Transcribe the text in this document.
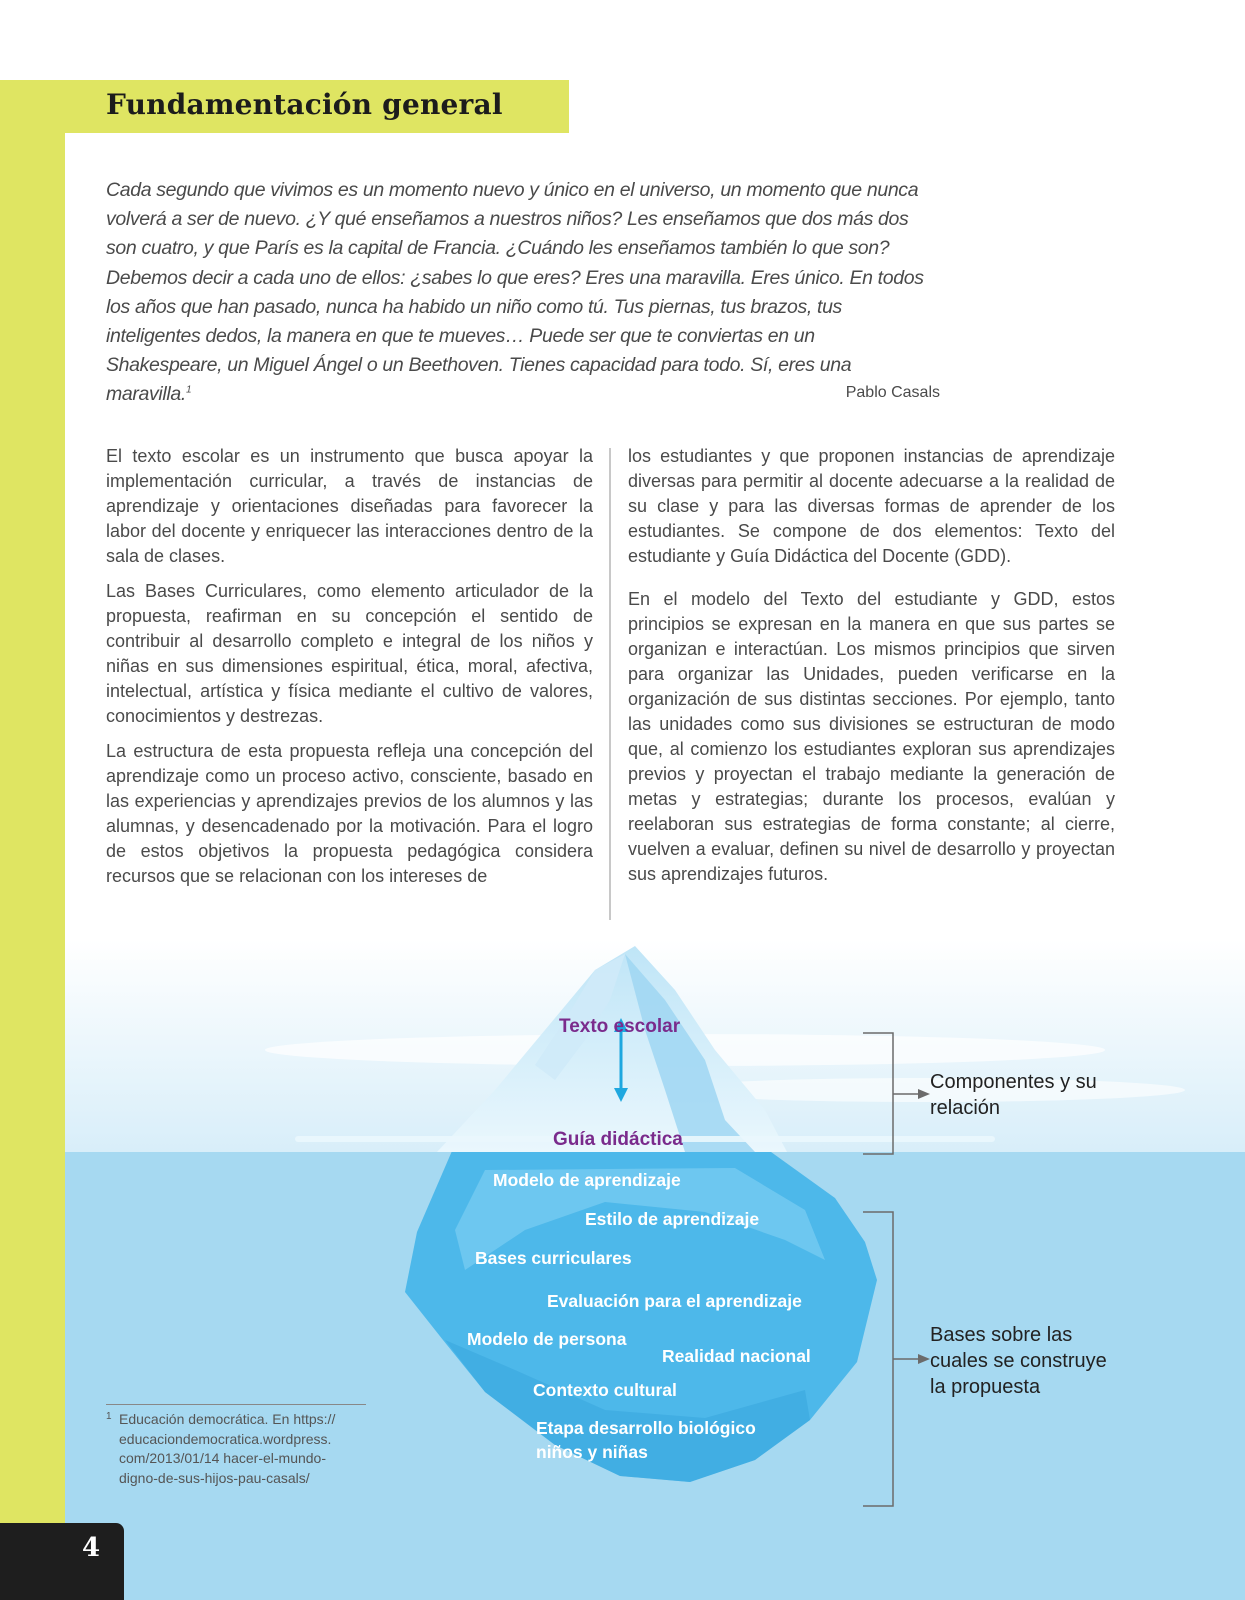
Fundamentación general

Cada segundo que vivimos es un momento nuevo y único en el universo, un momento que nunca volverá a ser de nuevo. ¿Y qué enseñamos a nuestros niños? Les enseñamos que dos más dos son cuatro, y que París es la capital de Francia. ¿Cuándo les enseñamos también lo que son? Debemos decir a cada uno de ellos: ¿sabes lo que eres? Eres una maravilla. Eres único. En todos los años que han pasado, nunca ha habido un niño como tú. Tus piernas, tus brazos, tus inteligentes dedos, la manera en que te mueves… Puede ser que te conviertas en un Shakespeare, un Miguel Ángel o un Beethoven. Tienes capacidad para todo. Sí, eres una maravilla.$^1$	Pablo Casals

El texto escolar es un instrumento que busca apoyar la implementación curricular, a través de instancias de aprendizaje y orientaciones diseñadas para favorecer la labor del docente y enriquecer las interacciones dentro de la sala de clases.

Las Bases Curriculares, como elemento articulador de la propuesta, reafirman en su concepción el sentido de contribuir al desarrollo completo e integral de los niños y niñas en sus dimensiones espiritual, ética, moral, afectiva, intelectual, artística y física mediante el cultivo de valores, conocimientos y destrezas.

La estructura de esta propuesta refleja una concepción del aprendizaje como un proceso activo, consciente, basado en las experiencias y aprendizajes previos de los alumnos y las alumnas, y desencadenado por la motivación. Para el logro de estos objetivos la propuesta pedagógica considera recursos que se relacionan con los intereses de

los estudiantes y que proponen instancias de aprendizaje diversas para permitir al docente adecuarse a la realidad de su clase y para las diversas formas de aprender de los estudiantes. Se compone de dos elementos: Texto del estudiante y Guía Didáctica del Docente (GDD).

En el modelo del Texto del estudiante y GDD, estos principios se expresan en la manera en que sus partes se organizan e interactúan. Los mismos principios que sirven para organizar las Unidades, pueden verificarse en la organización de sus distintas secciones. Por ejemplo, tanto las unidades como sus divisiones se estructuran de modo que, al comienzo los estudiantes exploran sus aprendizajes previos y proyectan el trabajo mediante la generación de metas y estrategias; durante los procesos, evalúan y reelaboran sus estrategias de forma constante; al cierre, vuelven a evaluar, definen su nivel de desarrollo y proyectan sus aprendizajes futuros.

Texto escolar
Guía didáctica
Modelo de aprendizaje
Estilo de aprendizaje
Bases curriculares
Evaluación para el aprendizaje
Modelo de persona
Realidad nacional
Contexto cultural
Etapa desarrollo biológico
niños y niñas
Componentes y su
relación
Bases sobre las
cuales se construye
la propuesta
1 Educación democrática. En https://
educaciondemocratica.wordpress.
com/2013/01/14 hacer-el-mundo-
digno-de-sus-hijos-pau-casals/
4
